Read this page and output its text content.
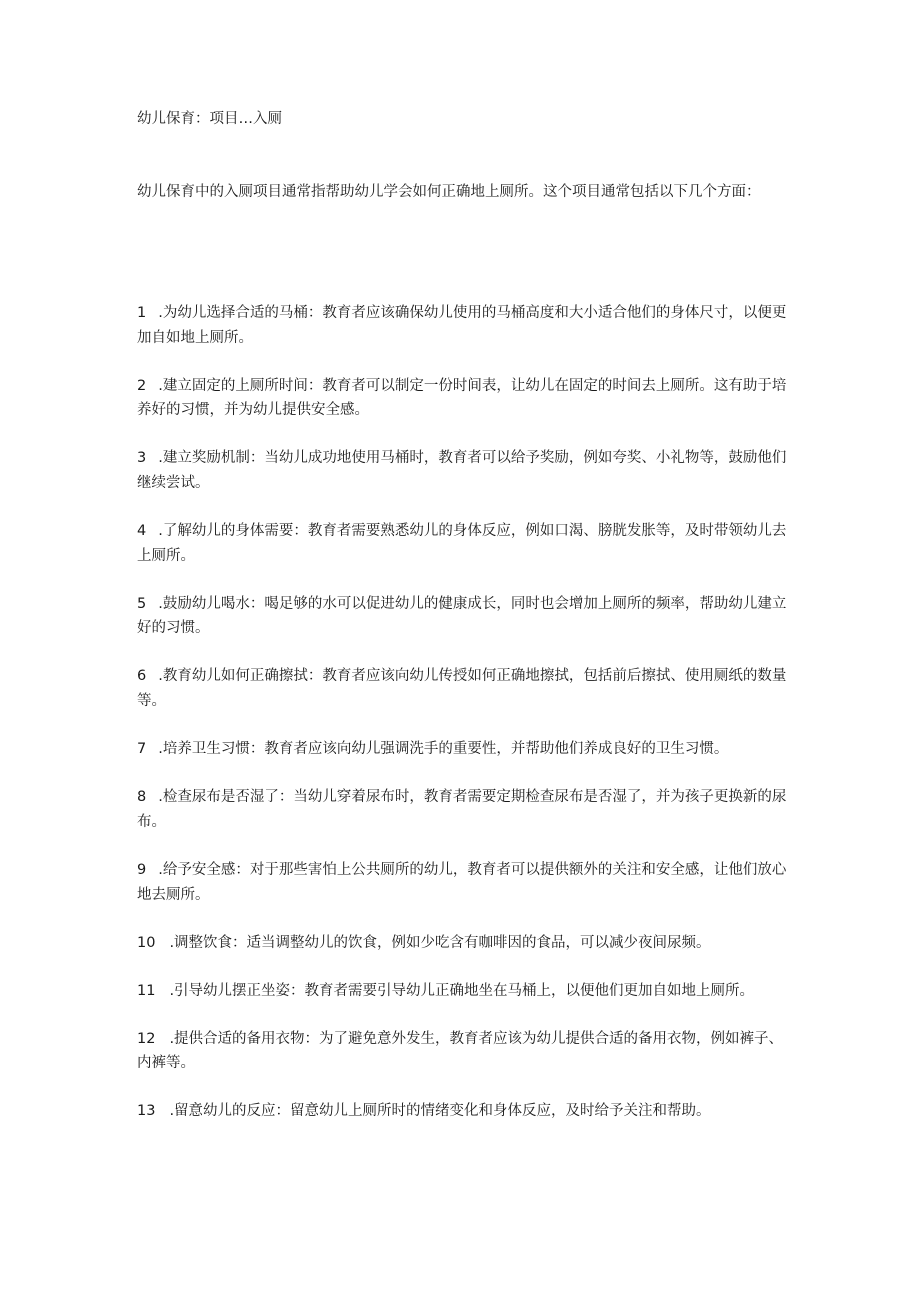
幼儿保育：项目…入厕

幼儿保育中的入厕项目通常指帮助幼儿学会如何正确地上厕所。这个项目通常包括以下几个方面：

1 .为幼儿选择合适的马桶：教育者应该确保幼儿使用的马桶高度和大小适合他们的身体尺寸，以便更加自如地上厕所。
2 .建立固定的上厕所时间：教育者可以制定一份时间表，让幼儿在固定的时间去上厕所。这有助于培养好的习惯，并为幼儿提供安全感。
3 .建立奖励机制：当幼儿成功地使用马桶时，教育者可以给予奖励，例如夸奖、小礼物等，鼓励他们继续尝试。
4 .了解幼儿的身体需要：教育者需要熟悉幼儿的身体反应，例如口渴、膀胱发胀等，及时带领幼儿去上厕所。
5 .鼓励幼儿喝水：喝足够的水可以促进幼儿的健康成长，同时也会增加上厕所的频率，帮助幼儿建立好的习惯。
6 .教育幼儿如何正确擦拭：教育者应该向幼儿传授如何正确地擦拭，包括前后擦拭、使用厕纸的数量等。
7 .培养卫生习惯：教育者应该向幼儿强调洗手的重要性，并帮助他们养成良好的卫生习惯。
8 .检查尿布是否湿了：当幼儿穿着尿布时，教育者需要定期检查尿布是否湿了，并为孩子更换新的尿布。
9 .给予安全感：对于那些害怕上公共厕所的幼儿，教育者可以提供额外的关注和安全感，让他们放心地去厕所。
10 .调整饮食：适当调整幼儿的饮食，例如少吃含有咖啡因的食品，可以减少夜间尿频。
11 .引导幼儿摆正坐姿：教育者需要引导幼儿正确地坐在马桶上，以便他们更加自如地上厕所。
12 .提供合适的备用衣物：为了避免意外发生，教育者应该为幼儿提供合适的备用衣物，例如裤子、内裤等。
13 .留意幼儿的反应：留意幼儿上厕所时的情绪变化和身体反应，及时给予关注和帮助。
